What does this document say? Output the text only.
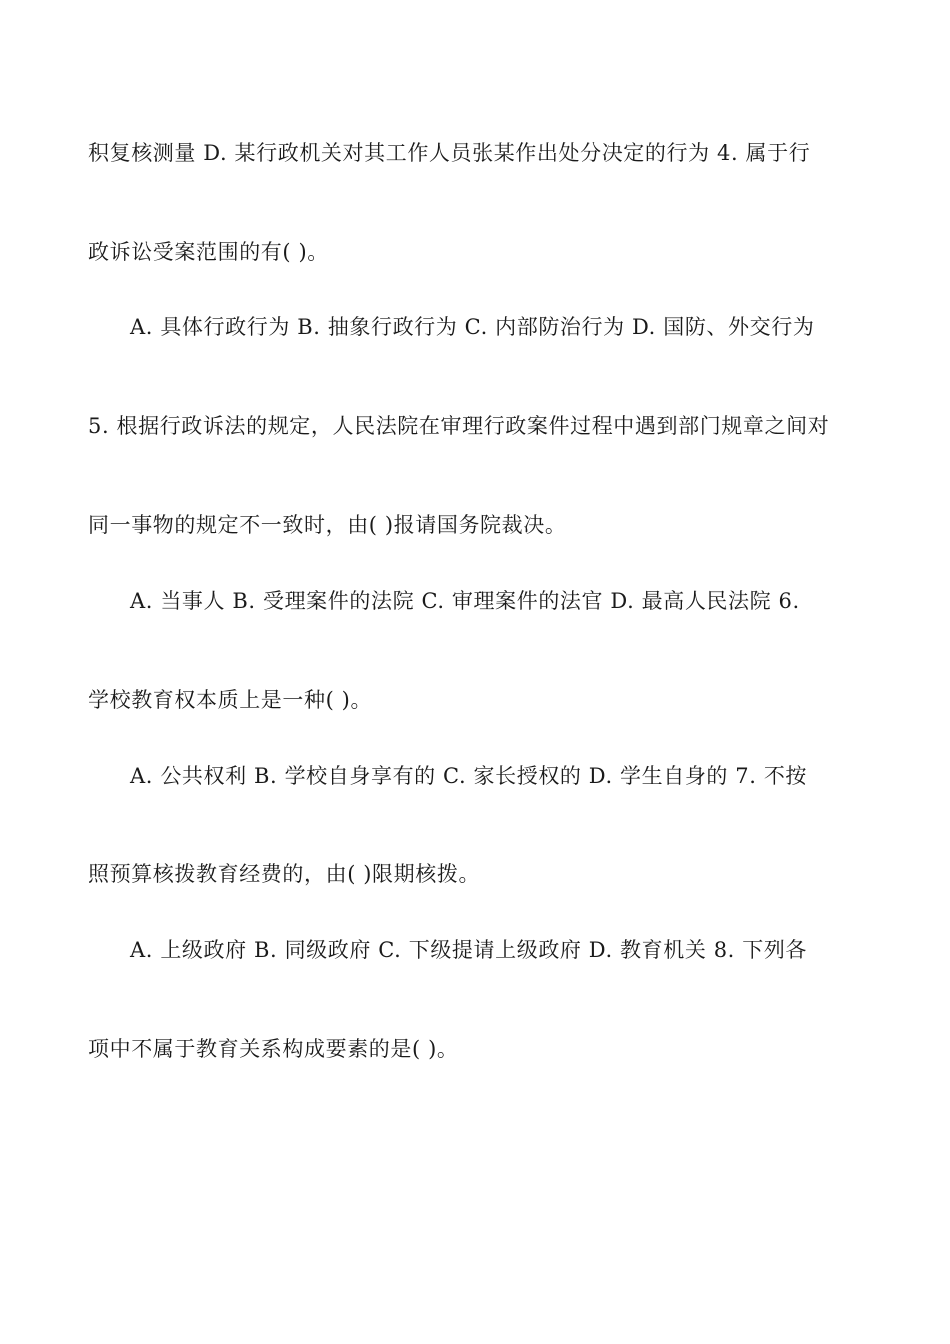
积复核测量 D. 某行政机关对其工作人员张某作出处分决定的行为 4. 属于行
政诉讼受案范围的有( )。
A. 具体行政行为 B. 抽象行政行为 C. 内部防治行为 D. 国防、外交行为
5. 根据行政诉法的规定，人民法院在审理行政案件过程中遇到部门规章之间对
同一事物的规定不一致时，由( )报请国务院裁决。
A. 当事人 B. 受理案件的法院 C. 审理案件的法官 D. 最高人民法院 6.
学校教育权本质上是一种( )。
A. 公共权利 B. 学校自身享有的 C. 家长授权的 D. 学生自身的 7. 不按
照预算核拨教育经费的，由( )限期核拨。
A. 上级政府 B. 同级政府 C. 下级提请上级政府 D. 教育机关 8. 下列各
项中不属于教育关系构成要素的是( )。
